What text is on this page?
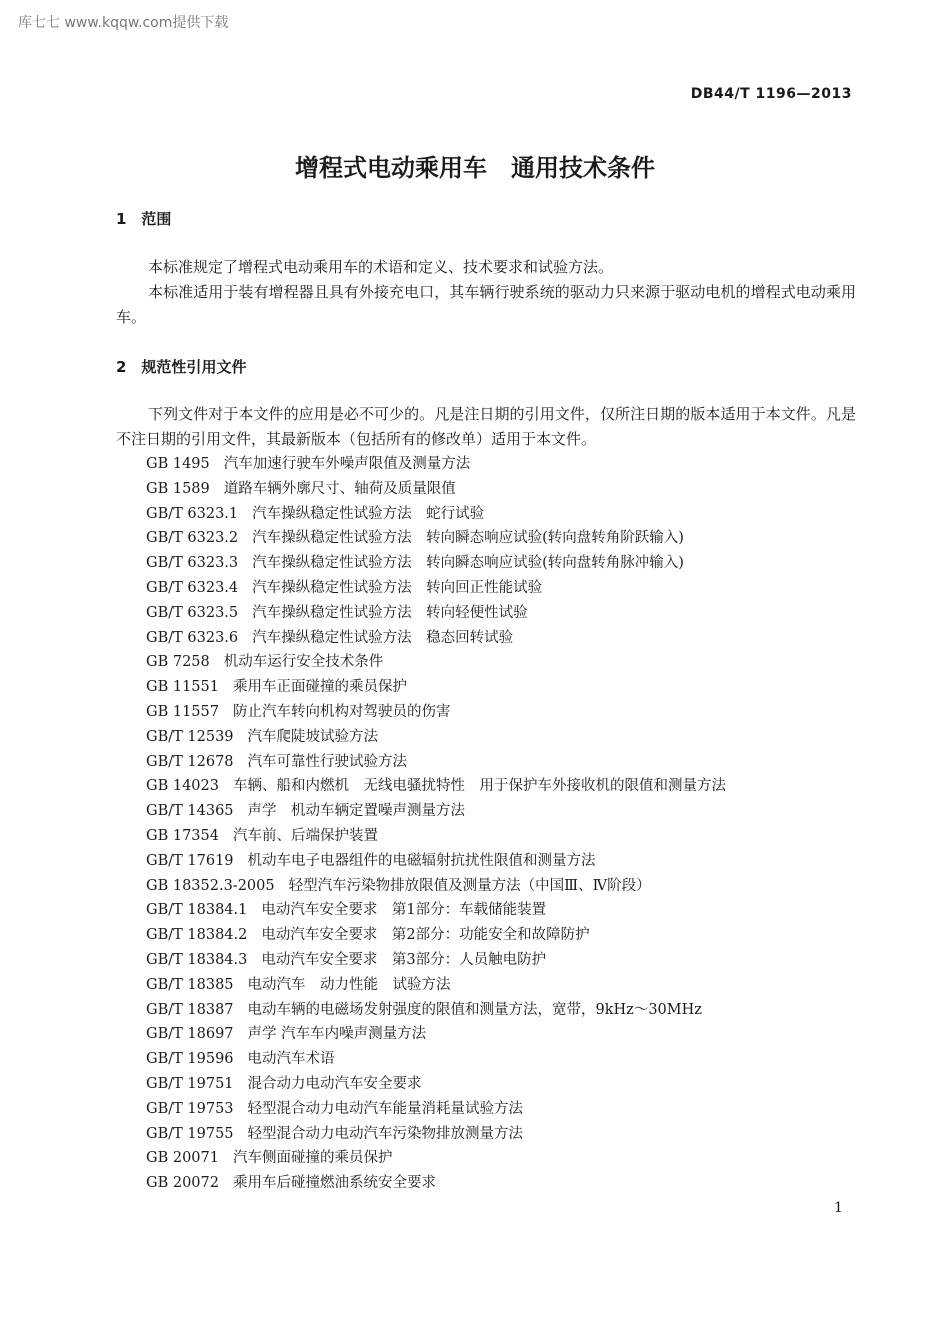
库七七 www.kqqw.com提供下载
DB44/T 1196—2013
增程式电动乘用车　通用技术条件
1　范围
本标准规定了增程式电动乘用车的术语和定义、技术要求和试验方法。
本标准适用于装有增程器且具有外接充电口，其车辆行驶系统的驱动力只来源于驱动电机的增程式电动乘用车。
2　规范性引用文件
下列文件对于本文件的应用是必不可少的。凡是注日期的引用文件，仅所注日期的版本适用于本文件。凡是不注日期的引用文件，其最新版本（包括所有的修改单）适用于本文件。
GB 1495 汽车加速行驶车外噪声限值及测量方法
GB 1589 道路车辆外廓尺寸、轴荷及质量限值
GB/T 6323.1 汽车操纵稳定性试验方法　蛇行试验
GB/T 6323.2 汽车操纵稳定性试验方法　转向瞬态响应试验(转向盘转角阶跃输入)
GB/T 6323.3 汽车操纵稳定性试验方法　转向瞬态响应试验(转向盘转角脉冲输入)
GB/T 6323.4 汽车操纵稳定性试验方法　转向回正性能试验
GB/T 6323.5 汽车操纵稳定性试验方法　转向轻便性试验
GB/T 6323.6 汽车操纵稳定性试验方法　稳态回转试验
GB 7258 机动车运行安全技术条件
GB 11551 乘用车正面碰撞的乘员保护
GB 11557 防止汽车转向机构对驾驶员的伤害
GB/T 12539 汽车爬陡坡试验方法
GB/T 12678 汽车可靠性行驶试验方法
GB 14023 车辆、船和内燃机　无线电骚扰特性　用于保护车外接收机的限值和测量方法
GB/T 14365 声学　机动车辆定置噪声测量方法
GB 17354 汽车前、后端保护装置
GB/T 17619 机动车电子电器组件的电磁辐射抗扰性限值和测量方法
GB 18352.3-2005 轻型汽车污染物排放限值及测量方法（中国Ⅲ、Ⅳ阶段）
GB/T 18384.1 电动汽车安全要求　第1部分：车载储能装置
GB/T 18384.2 电动汽车安全要求　第2部分：功能安全和故障防护
GB/T 18384.3 电动汽车安全要求　第3部分：人员触电防护
GB/T 18385 电动汽车　动力性能　试验方法
GB/T 18387 电动车辆的电磁场发射强度的限值和测量方法，宽带，9kHz～30MHz
GB/T 18697 声学 汽车车内噪声测量方法
GB/T 19596 电动汽车术语
GB/T 19751 混合动力电动汽车安全要求
GB/T 19753 轻型混合动力电动汽车能量消耗量试验方法
GB/T 19755 轻型混合动力电动汽车污染物排放测量方法
GB 20071 汽车侧面碰撞的乘员保护
GB 20072 乘用车后碰撞燃油系统安全要求
1
